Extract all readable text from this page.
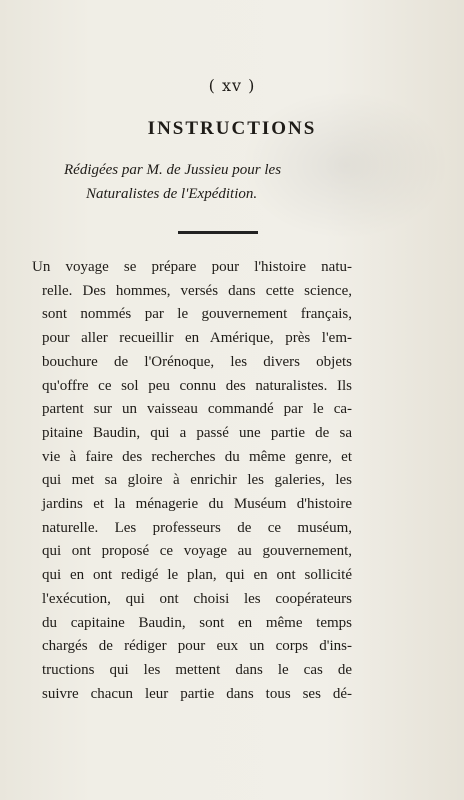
( xv )
INSTRUCTIONS
Rédigées par M. de Jussieu pour les
Naturalistes de l'Expédition.
Un voyage se prépare pour l'histoire natu-
relle. Des hommes, versés dans cette science,
sont nommés par le gouvernement français,
pour aller recueillir en Amérique, près l'em-
bouchure de l'Orénoque, les divers objets
qu'offre ce sol peu connu des naturalistes. Ils
partent sur un vaisseau commandé par le ca-
pitaine Baudin, qui a passé une partie de sa
vie à faire des recherches du même genre, et
qui met sa gloire à enrichir les galeries, les
jardins et la ménagerie du Muséum d'histoire
naturelle. Les professeurs de ce muséum,
qui ont proposé ce voyage au gouvernement,
qui en ont redigé le plan, qui en ont sollicité
l'exécution, qui ont choisi les coopérateurs
du capitaine Baudin, sont en même temps
chargés de rédiger pour eux un corps d'ins-
tructions qui les mettent dans le cas de
suivre chacun leur partie dans tous ses dé-
